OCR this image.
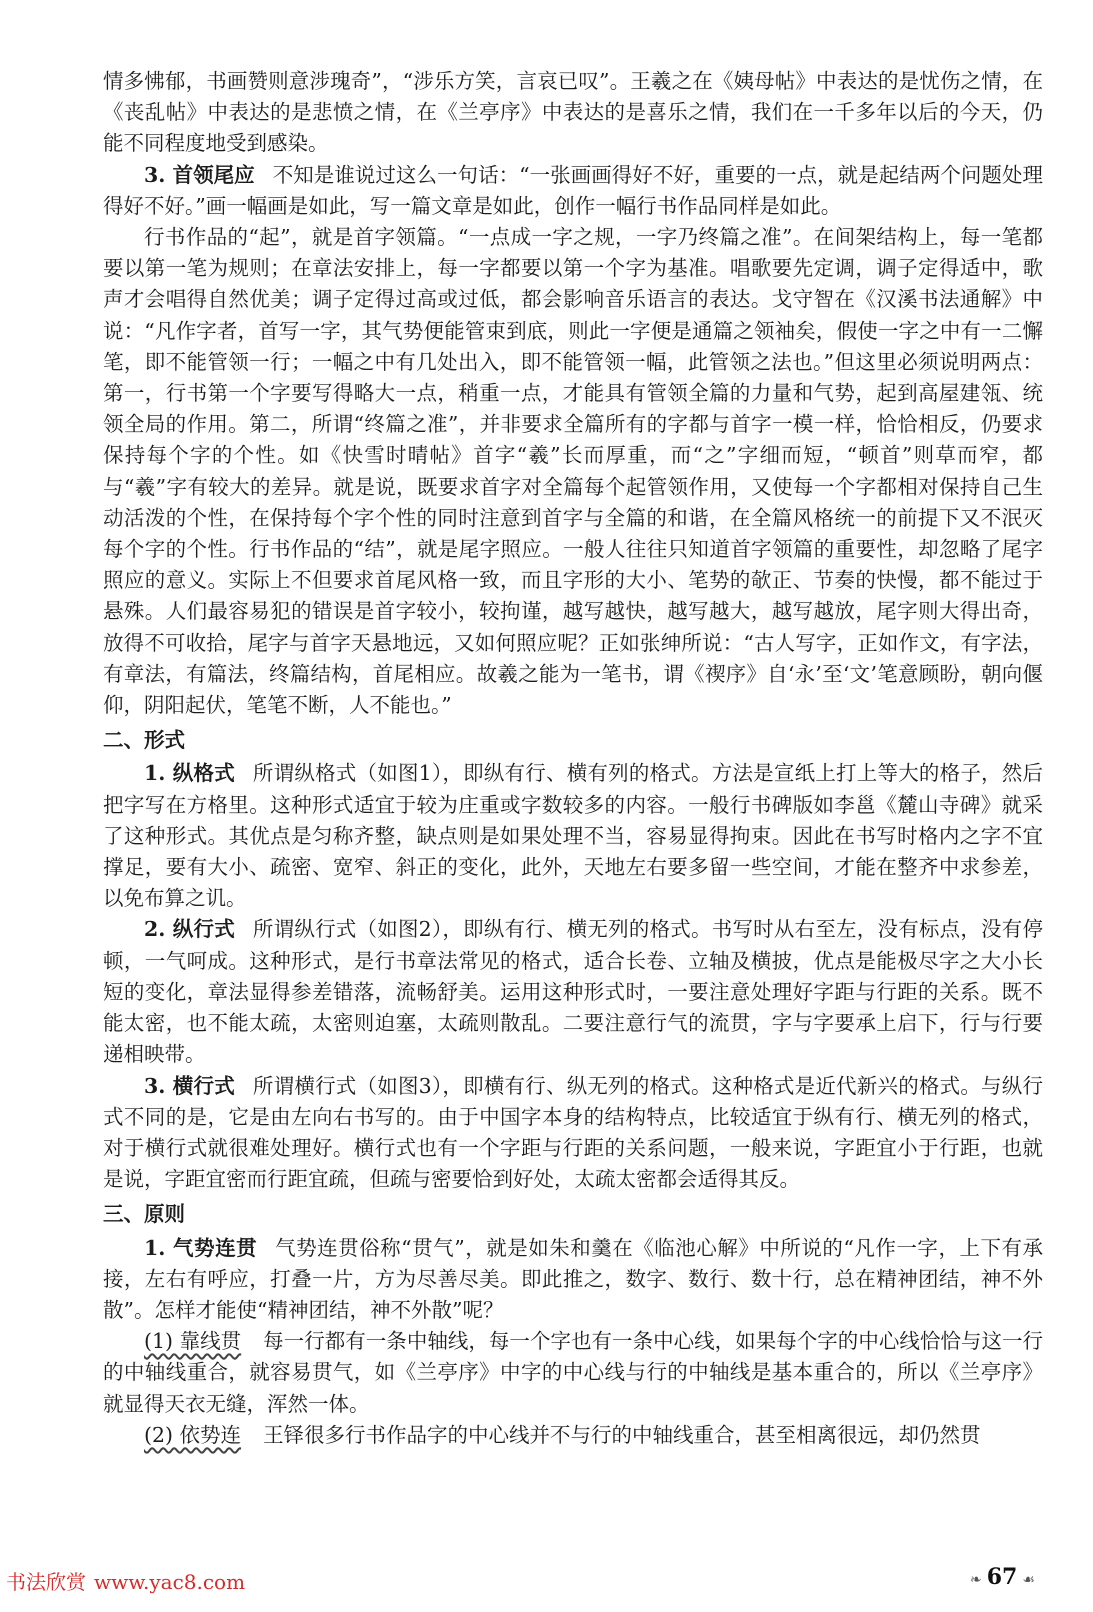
情多怫郁，书画赞则意涉瑰奇”，“涉乐方笑，言哀已叹”。王羲之在《姨母帖》中表达的是忧伤之情，在《丧乱帖》中表达的是悲愤之情，在《兰亭序》中表达的是喜乐之情，我们在一千多年以后的今天，仍能不同程度地受到感染。

3. 首领尾应 不知是谁说过这么一句话：“一张画画得好不好，重要的一点，就是起结两个问题处理得好不好。”画一幅画是如此，写一篇文章是如此，创作一幅行书作品同样是如此。

行书作品的“起”，就是首字领篇。“一点成一字之规，一字乃终篇之准”。在间架结构上，每一笔都要以第一笔为规则；在章法安排上，每一字都要以第一个字为基准。唱歌要先定调，调子定得适中，歌声才会唱得自然优美；调子定得过高或过低，都会影响音乐语言的表达。戈守智在《汉溪书法通解》中说：“凡作字者，首写一字，其气势便能管束到底，则此一字便是通篇之领袖矣，假使一字之中有一二懈笔，即不能管领一行；一幅之中有几处出入，即不能管领一幅，此管领之法也。”但这里必须说明两点：第一，行书第一个字要写得略大一点，稍重一点，才能具有管领全篇的力量和气势，起到高屋建瓴、统领全局的作用。第二，所谓“终篇之准”，并非要求全篇所有的字都与首字一模一样，恰恰相反，仍要求保持每个字的个性。如《快雪时晴帖》首字“羲”长而厚重，而“之”字细而短，“顿首”则草而窄，都与“羲”字有较大的差异。就是说，既要求首字对全篇每个起管领作用，又使每一个字都相对保持自己生动活泼的个性，在保持每个字个性的同时注意到首字与全篇的和谐，在全篇风格统一的前提下又不泯灭每个字的个性。行书作品的“结”，就是尾字照应。一般人往往只知道首字领篇的重要性，却忽略了尾字照应的意义。实际上不但要求首尾风格一致，而且字形的大小、笔势的欹正、节奏的快慢，都不能过于悬殊。人们最容易犯的错误是首字较小，较拘谨，越写越快，越写越大，越写越放，尾字则大得出奇，放得不可收拾，尾字与首字天悬地远，又如何照应呢？正如张绅所说：“古人写字，正如作文，有字法，有章法，有篇法，终篇结构，首尾相应。故羲之能为一笔书，谓《禊序》自‘永’至‘文’笔意顾盼，朝向偃仰，阴阳起伏，笔笔不断，人不能也。”

二、形式

1. 纵格式 所谓纵格式（如图1），即纵有行、横有列的格式。方法是宣纸上打上等大的格子，然后把字写在方格里。这种形式适宜于较为庄重或字数较多的内容。一般行书碑版如李邕《麓山寺碑》就采了这种形式。其优点是匀称齐整，缺点则是如果处理不当，容易显得拘束。因此在书写时格内之字不宜撑足，要有大小、疏密、宽窄、斜正的变化，此外，天地左右要多留一些空间，才能在整齐中求参差，以免布算之讥。

2. 纵行式 所谓纵行式（如图2），即纵有行、横无列的格式。书写时从右至左，没有标点，没有停顿，一气呵成。这种形式，是行书章法常见的格式，适合长卷、立轴及横披，优点是能极尽字之大小长短的变化，章法显得参差错落，流畅舒美。运用这种形式时，一要注意处理好字距与行距的关系。既不能太密，也不能太疏，太密则迫塞，太疏则散乱。二要注意行气的流贯，字与字要承上启下，行与行要递相映带。

3. 横行式 所谓横行式（如图3），即横有行、纵无列的格式。这种格式是近代新兴的格式。与纵行式不同的是，它是由左向右书写的。由于中国字本身的结构特点，比较适宜于纵有行、横无列的格式，对于横行式就很难处理好。横行式也有一个字距与行距的关系问题，一般来说，字距宜小于行距，也就是说，字距宜密而行距宜疏，但疏与密要恰到好处，太疏太密都会适得其反。

三、原则

1. 气势连贯 气势连贯俗称“贯气”，就是如朱和羹在《临池心解》中所说的“凡作一字，上下有承接，左右有呼应，打叠一片，方为尽善尽美。即此推之，数字、数行、数十行，总在精神团结，神不外散”。怎样才能使“精神团结，神不外散”呢？

(1) 靠线贯 每一行都有一条中轴线，每一个字也有一条中心线，如果每个字的中心线恰恰与这一行的中轴线重合，就容易贯气，如《兰亭序》中字的中心线与行的中轴线是基本重合的，所以《兰亭序》就显得天衣无缝，浑然一体。

(2) 依势连 王铎很多行书作品字的中心线并不与行的中轴线重合，甚至相离很远，却仍然贯

书法欣赏 www.yac8.com	❧ 67 ☙
